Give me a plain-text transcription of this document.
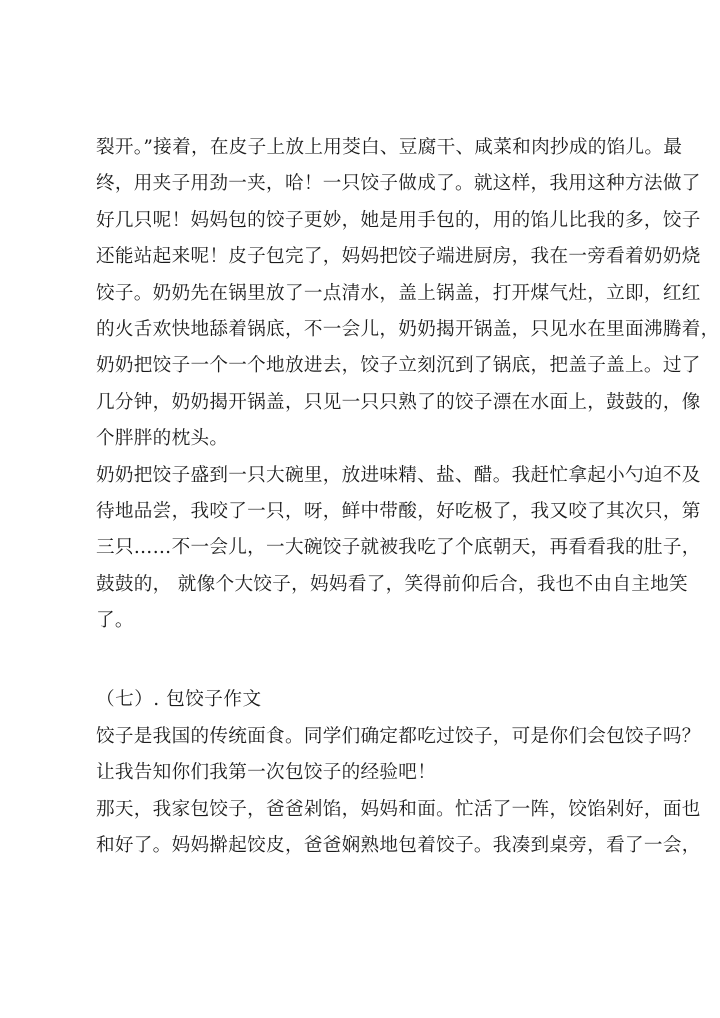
裂开。”接着，在皮子上放上用茭白、豆腐干、咸菜和肉抄成的馅儿。最
终，用夹子用劲一夹，哈！一只饺子做成了。就这样，我用这种方法做了
好几只呢！妈妈包的饺子更妙，她是用手包的，用的馅儿比我的多，饺子
还能站起来呢！皮子包完了，妈妈把饺子端进厨房，我在一旁看着奶奶烧
饺子。奶奶先在锅里放了一点清水，盖上锅盖，打开煤气灶，立即，红红
的火舌欢快地舔着锅底，不一会儿，奶奶揭开锅盖，只见水在里面沸腾着，
奶奶把饺子一个一个地放进去，饺子立刻沉到了锅底，把盖子盖上。过了
几分钟，奶奶揭开锅盖，只见一只只熟了的饺子漂在水面上，鼓鼓的，像
个胖胖的枕头。
奶奶把饺子盛到一只大碗里，放进味精、盐、醋。我赶忙拿起小勺迫不及
待地品尝，我咬了一只，呀，鲜中带酸，好吃极了，我又咬了其次只，第
三只……不一会儿，一大碗饺子就被我吃了个底朝天，再看看我的肚子，
鼓鼓的， 就像个大饺子，妈妈看了，笑得前仰后合，我也不由自主地笑
了。
（七）. 包饺子作文
饺子是我国的传统面食。同学们确定都吃过饺子，可是你们会包饺子吗？
让我告知你们我第一次包饺子的经验吧！
那天，我家包饺子，爸爸剁馅，妈妈和面。忙活了一阵，饺馅剁好，面也
和好了。妈妈擀起饺皮，爸爸娴熟地包着饺子。我凑到桌旁，看了一会，
